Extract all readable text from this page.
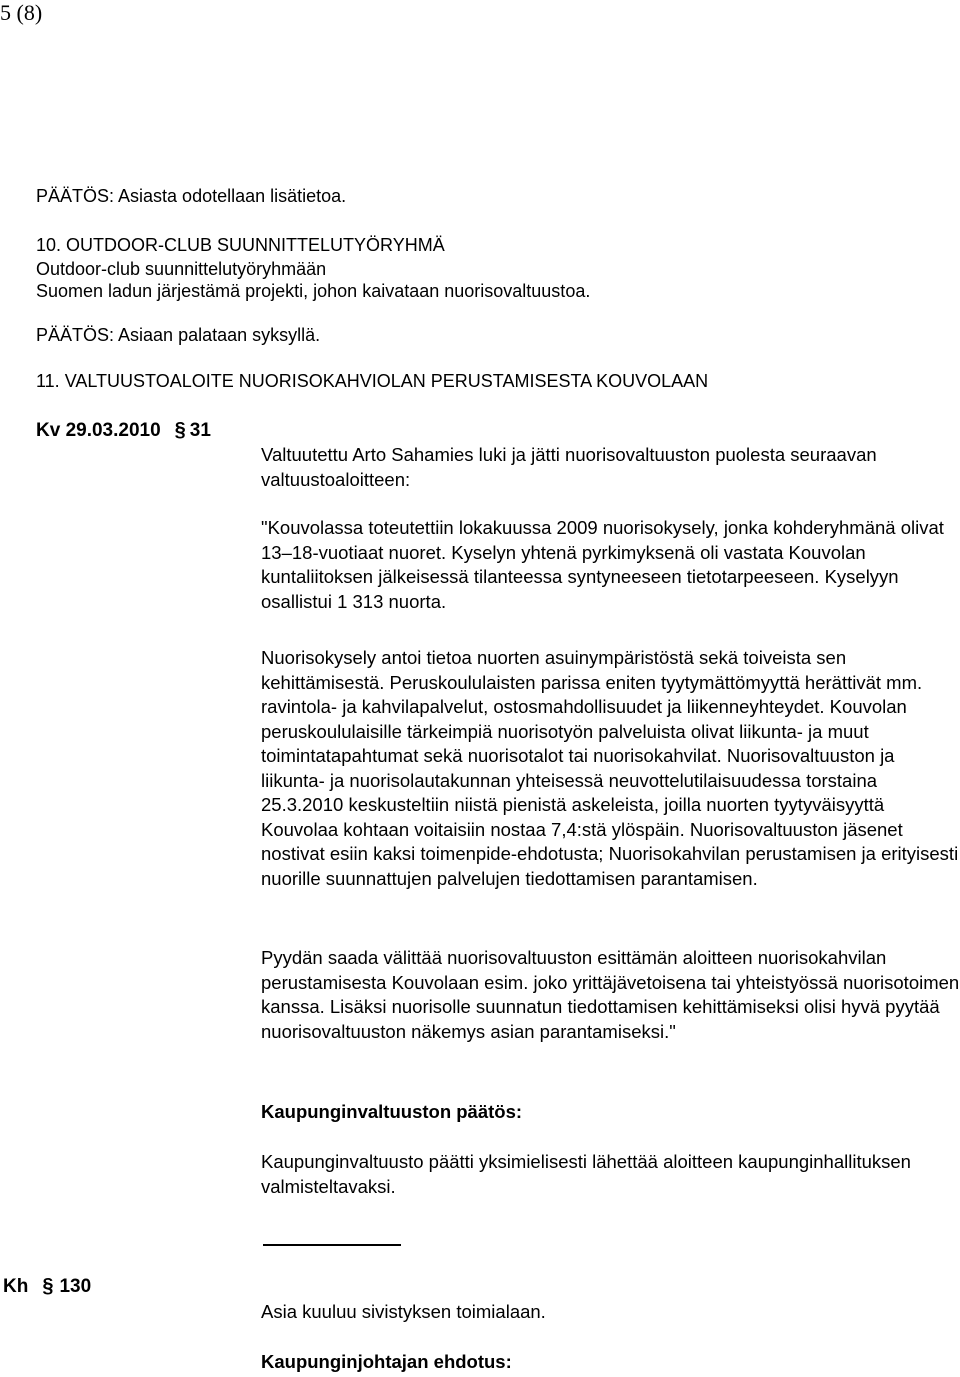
5 (8)
PÄÄTÖS: Asiasta odotellaan lisätietoa.
10. OUTDOOR-CLUB SUUNNITTELUTYÖRYHMÄ
Outdoor-club suunnittelutyöryhmään
Suomen ladun järjestämä projekti, johon kaivataan nuorisovaltuustoa.
PÄÄTÖS: Asiaan palataan syksyllä.
11. VALTUUSTOALOITE NUORISOKAHVIOLAN PERUSTAMISESTA KOUVOLAAN
Kv 29.03.2010 § 31

Valtuutettu Arto Sahamies luki ja jätti nuorisovaltuuston puolesta seuraavan valtuustoaloitteen:

"Kouvolassa toteutettiin lokakuussa 2009 nuorisokysely, jonka kohderyhmänä olivat 13–18-vuotiaat nuoret. Kyselyn yhtenä pyrkimyksenä oli vastata Kouvolan kuntaliitoksen jälkeisessä tilanteessa syntyneeseen tietotarpeeseen. Kyselyyn osallistui 1 313 nuorta.

Nuorisokysely antoi tietoa nuorten asuinympäristöstä sekä toiveista sen kehittämisestä. Peruskoululaisten parissa eniten tyytymättömyyttä herättivät mm. ravintola- ja kahvilapalvelut, ostosmahdollisuudet ja liikenneyhteydet. Kouvolan peruskoululaisille tärkeimpiä nuorisotyön palveluista olivat liikunta- ja muut toimintatapahtumat sekä nuorisotalot tai nuorisokahvilat. Nuorisovaltuuston ja liikunta- ja nuorisolautakunnan yhteisessä neuvottelutilaisuudessa torstaina 25.3.2010 keskusteltiin niistä pienistä askeleista, joilla nuorten tyytyväisyyttä Kouvolaa kohtaan voitaisiin nostaa 7,4:stä ylöspäin. Nuorisovaltuuston jäsenet nostivat esiin kaksi toimenpide-ehdotusta; Nuorisokahvilan perustamisen ja erityisesti nuorille suunnattujen palvelujen tiedottamisen parantamisen.

Pyydän saada välittää nuorisovaltuuston esittämän aloitteen nuorisokahvilan perustamisesta Kouvolaan esim. joko yrittäjävetoisena tai yhteistyössä nuorisotoimen kanssa. Lisäksi nuorisolle suunnatun tiedottamisen kehittämiseksi olisi hyvä pyytää nuorisovaltuuston näkemys asian parantamiseksi."

Kaupunginvaltuuston päätös:

Kaupunginvaltuusto päätti yksimielisesti lähettää aloitteen kaupunginhallituksen valmisteltavaksi.

Kh § 130
Asia kuuluu sivistyksen toimialaan.
Kaupunginjohtajan ehdotus:
